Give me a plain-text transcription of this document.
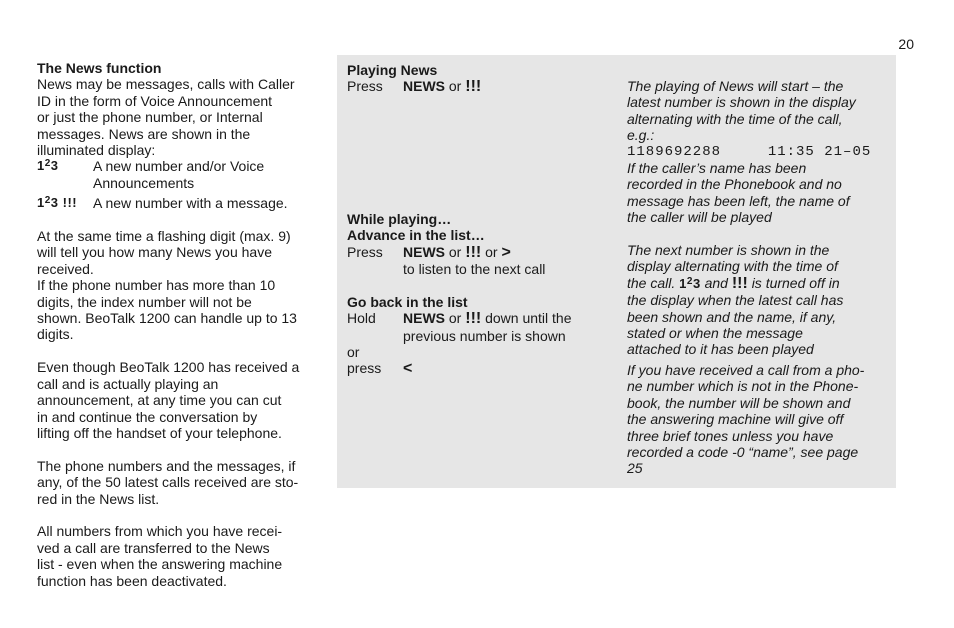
20
The News function
News may be messages, calls with Caller
ID in the form of Voice Announcement
or just the phone number, or Internal
messages. News are shown in the
illuminated display:
$1^23$	A new number and/or Voice
Announcements
$1^23$ !!!	A new number with a message.
At the same time a flashing digit (max. 9)
will tell you how many News you have
received.
If the phone number has more than 10
digits, the index number will not be
shown. BeoTalk 1200 can handle up to 13
digits.
Even though BeoTalk 1200 has received a
call and is actually playing an
announcement, at any time you can cut
in and continue the conversation by
lifting off the handset of your telephone.
The phone numbers and the messages, if
any, of the 50 latest calls received are sto-
red in the News list.
All numbers from which you have recei-
ved a call are transferred to the News
list - even when the answering machine
function has been deactivated.
Playing News
Press	NEWS or !!!
While playing…
Advance in the list…
Press	NEWS or !!! or >
to listen to the next call
Go back in the list
Hold	NEWS or !!! down until the
previous number is shown
or
press	<
The playing of News will start – the
latest number is shown in the display
alternating with the time of the call,
e.g.:
1189692288	11:35 21–05
If the caller’s name has been
recorded in the Phonebook and no
message has been left, the name of
the caller will be played
The next number is shown in the
display alternating with the time of
the call. $1^23$ and !!! is turned off in
the display when the latest call has
been shown and the name, if any,
stated or when the message
attached to it has been played
If you have received a call from a pho-
ne number which is not in the Phone-
book, the number will be shown and
the answering machine will give off
three brief tones unless you have
recorded a code -0 “name”, see page
25
